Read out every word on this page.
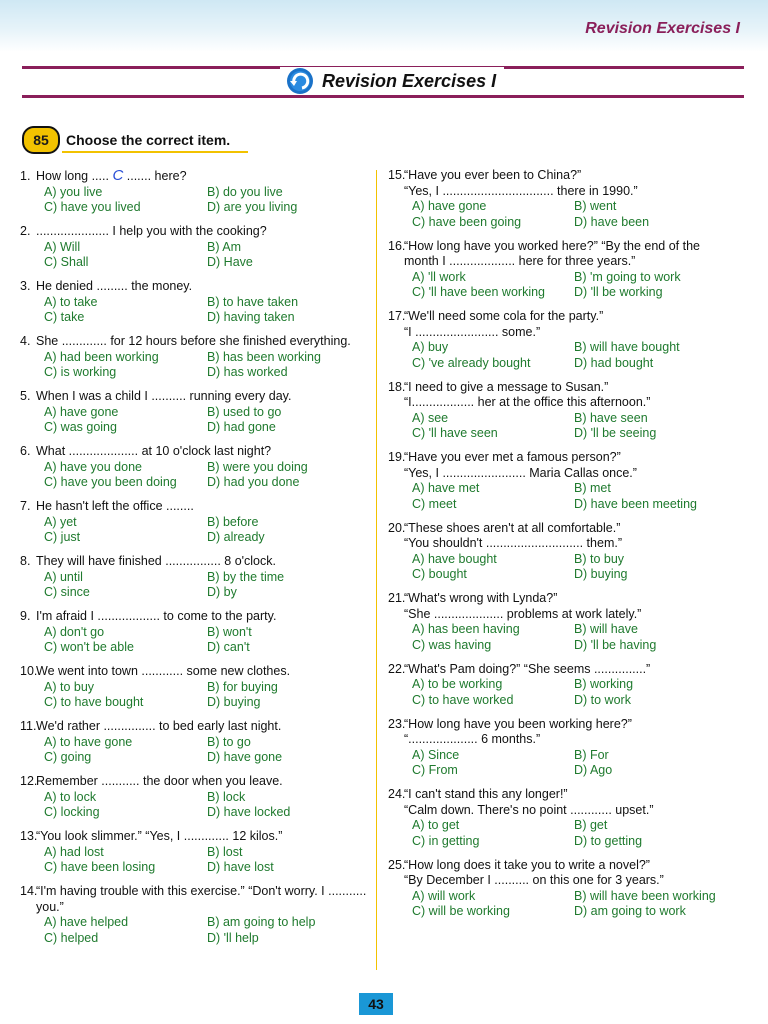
Revision Exercises I
Revision Exercises I
85	Choose the correct item.
1. How long ..... C ....... here?
A) you live	B) do you live
C) have you lived	D) are you living
2. ..................... I help you with the cooking?
A) Will	B) Am
C) Shall	D) Have
3. He denied ......... the money.
A) to take	B) to have taken
C) take	D) having taken
4. She ............. for 12 hours before she finished everything.
A) had been working	B) has been working
C) is working	D) has worked
5. When I was a child I .......... running every day.
A) have gone	B) used to go
C) was going	D) had gone
6. What .................... at 10 o'clock last night?
A) have you done	B) were you doing
C) have you been doing	D) had you done
7. He hasn't left the office ........
A) yet	B) before
C) just	D) already
8. They will have finished ................ 8 o'clock.
A) until	B) by the time
C) since	D) by
9. I'm afraid I .................. to come to the party.
A) don't go	B) won't
C) won't be able	D) can't
10.We went into town ............ some new clothes.
A) to buy	B) for buying
C) to have bought	D) buying
11.We'd rather ............... to bed early last night.
A) to have gone	B) to go
C) going	D) have gone
12.Remember ........... the door when you leave.
A) to lock	B) lock
C) locking	D) have locked
13.“You look slimmer.” “Yes, I ............. 12 kilos.”
A) had lost	B) lost
C) have been losing	D) have lost
14.“I'm having trouble with this exercise.” “Don't worry. I ........... you.”
A) have helped	B) am going to help
C) helped	D) 'll help
15.“Have you ever been to China?”
“Yes, I ................................ there in 1990.”
A) have gone	B) went
C) have been going	D) have been
16.“How long have you worked here?” “By the end of the month I ................... here for three years.”
A) 'll work	B) 'm going to work
C) 'll have been working	D) 'll be working
17.“We'll need some cola for the party.”
“I ........................ some.”
A) buy	B) will have bought
C) 've already bought	D) had bought
18.“I need to give a message to Susan.”
“I.................. her at the office this afternoon.”
A) see	B) have seen
C) 'll have seen	D) 'll be seeing
19.“Have you ever met a famous person?”
“Yes, I ........................ Maria Callas once.”
A) have met	B) met
C) meet	D) have been meeting
20.“These shoes aren't at all comfortable.”
“You shouldn't ............................ them.”
A) have bought	B) to buy
C) bought	D) buying
21.“What's wrong with Lynda?”
“She .................... problems at work lately.”
A) has been having	B) will have
C) was having	D) 'll be having
22.“What's Pam doing?” “She seems ...............”
A) to be working	B) working
C) to have worked	D) to work
23.“How long have you been working here?”
“.................... 6 months.”
A) Since	B) For
C) From	D) Ago
24.“I can't stand this any longer!”
“Calm down. There's no point ............ upset.”
A) to get	B) get
C) in getting	D) to getting
25.“How long does it take you to write a novel?”
“By December I .......... on this one for 3 years.”
A) will work	B) will have been working
C) will be working	D) am going to work
43
